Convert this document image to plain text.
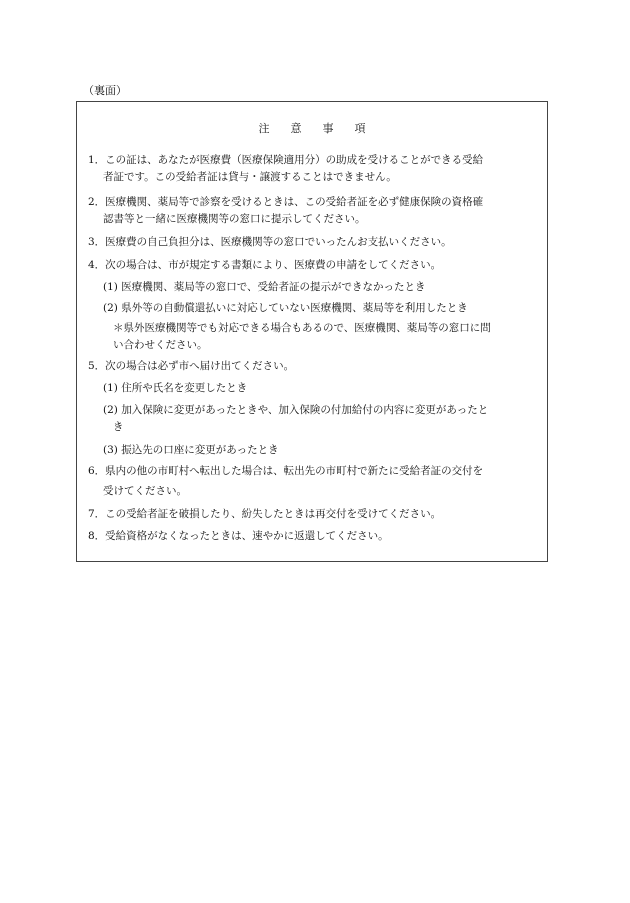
（裏面）
注意事項
1．この証は、あなたが医療費（医療保険適用分）の助成を受けることができる受給
者証です。この受給者証は貸与・譲渡することはできません。
2．医療機関、薬局等で診察を受けるときは、この受給者証を必ず健康保険の資格確
認書等と一緒に医療機関等の窓口に提示してください。
3．医療費の自己負担分は、医療機関等の窓口でいったんお支払いください。
4．次の場合は、市が規定する書類により、医療費の申請をしてください。
(1) 医療機関、薬局等の窓口で、受給者証の提示ができなかったとき
(2) 県外等の自動償還払いに対応していない医療機関、薬局等を利用したとき
＊県外医療機関等でも対応できる場合もあるので、医療機関、薬局等の窓口に問
い合わせください。
5．次の場合は必ず市へ届け出てください。
(1) 住所や氏名を変更したとき
(2) 加入保険に変更があったときや、加入保険の付加給付の内容に変更があったと
き
(3) 振込先の口座に変更があったとき
6．県内の他の市町村へ転出した場合は、転出先の市町村で新たに受給者証の交付を
受けてください。
7．この受給者証を破損したり、紛失したときは再交付を受けてください。
8．受給資格がなくなったときは、速やかに返還してください。
